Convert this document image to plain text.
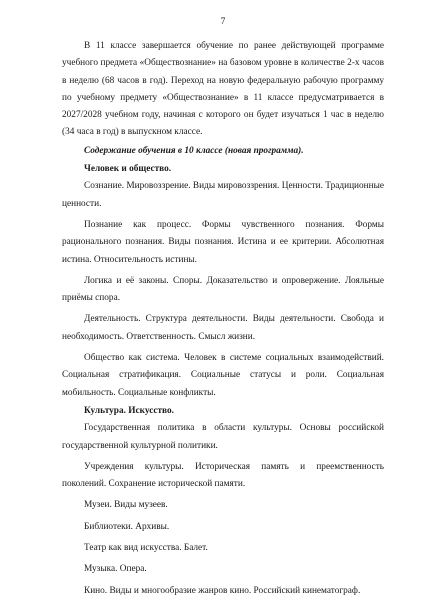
7

В 11 классе завершается обучение по ранее действующей программе учебного предмета «Обществознание» на базовом уровне в количестве 2-х часов в неделю (68 часов в год). Переход на новую федеральную рабочую программу по учебному предмету «Обществознание» в 11 классе предусматривается в 2027/2028 учебном году, начиная с которого он будет изучаться 1 час в неделю (34 часа в год) в выпускном классе.

Содержание обучения в 10 классе (новая программа).

Человек и общество.

Сознание. Мировоззрение. Виды мировоззрения. Ценности. Традиционные ценности.

Познание как процесс. Формы чувственного познания. Формы рационального познания. Виды познания. Истина и ее критерии. Абсолютная истина. Относительность истины.

Логика и её законы. Споры. Доказательство и опровержение. Лояльные приёмы спора.

Деятельность. Структура деятельности. Виды деятельности. Свобода и необходимость. Ответственность. Смысл жизни.

Общество как система. Человек в системе социальных взаимодействий. Социальная стратификация. Социальные статусы и роли. Социальная мобильность. Социальные конфликты.

Культура. Искусство.

Государственная политика в области культуры. Основы российской государственной культурной политики.

Учреждения культуры. Историческая память и преемственность поколений. Сохранение исторической памяти.

Музеи. Виды музеев.

Библиотеки. Архивы.

Театр как вид искусства. Балет.

Музыка. Опера.

Кино. Виды и многообразие жанров кино. Российский кинематограф.
